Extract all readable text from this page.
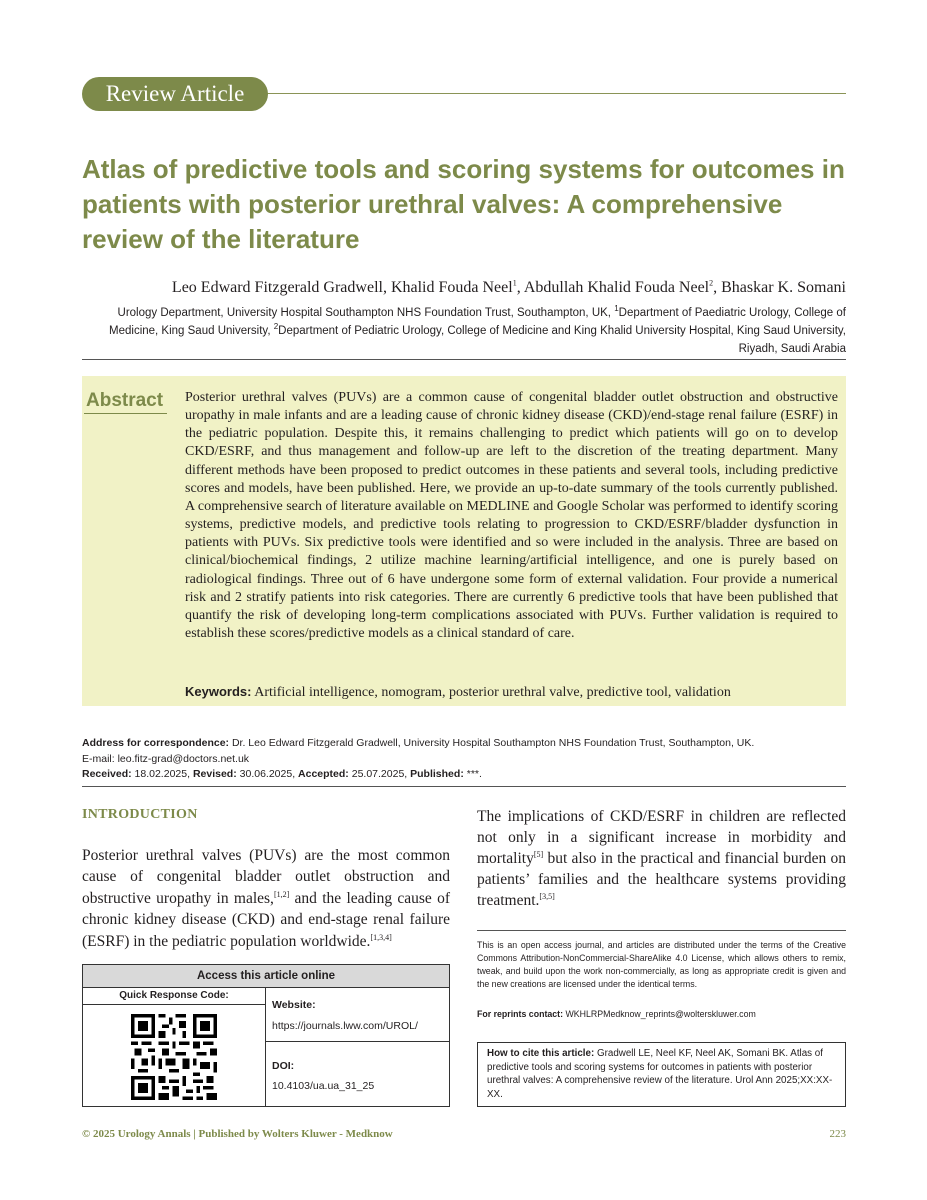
Review Article
Atlas of predictive tools and scoring systems for outcomes in patients with posterior urethral valves: A comprehensive review of the literature
Leo Edward Fitzgerald Gradwell, Khalid Fouda Neel$^1$, Abdullah Khalid Fouda Neel$^2$, Bhaskar K. Somani
Urology Department, University Hospital Southampton NHS Foundation Trust, Southampton, UK, $^1$Department of Paediatric Urology, College of Medicine, King Saud University, $^2$Department of Pediatric Urology, College of Medicine and King Khalid University Hospital, King Saud University, Riyadh, Saudi Arabia
Abstract Posterior urethral valves (PUVs) are a common cause of congenital bladder outlet obstruction and obstructive uropathy in male infants and are a leading cause of chronic kidney disease (CKD)/end-stage renal failure (ESRF) in the pediatric population. Despite this, it remains challenging to predict which patients will go on to develop CKD/ESRF, and thus management and follow-up are left to the discretion of the treating department. Many different methods have been proposed to predict outcomes in these patients and several tools, including predictive scores and models, have been published. Here, we provide an up-to-date summary of the tools currently published. A comprehensive search of literature available on MEDLINE and Google Scholar was performed to identify scoring systems, predictive models, and predictive tools relating to progression to CKD/ESRF/bladder dysfunction in patients with PUVs. Six predictive tools were identified and so were included in the analysis. Three are based on clinical/biochemical findings, 2 utilize machine learning/artificial intelligence, and one is purely based on radiological findings. Three out of 6 have undergone some form of external validation. Four provide a numerical risk and 2 stratify patients into risk categories. There are currently 6 predictive tools that have been published that quantify the risk of developing long-term complications associated with PUVs. Further validation is required to establish these scores/predictive models as a clinical standard of care.
Keywords: Artificial intelligence, nomogram, posterior urethral valve, predictive tool, validation
Address for correspondence: Dr. Leo Edward Fitzgerald Gradwell, University Hospital Southampton NHS Foundation Trust, Southampton, UK.
E-mail: leo.fitz-grad@doctors.net.uk
Received: 18.02.2025, Revised: 30.06.2025, Accepted: 25.07.2025, Published: ***.
INTRODUCTION
Posterior urethral valves (PUVs) are the most common cause of congenital bladder outlet obstruction and obstructive uropathy in males,[1,2] and the leading cause of chronic kidney disease (CKD) and end-stage renal failure (ESRF) in the pediatric population worldwide.[1,3,4]
The implications of CKD/ESRF in children are reflected not only in a significant increase in morbidity and mortality[5] but also in the practical and financial burden on patients’ families and the healthcare systems providing treatment.[3,5]
Access this article online
Quick Response Code:
Website:
https://journals.lww.com/UROL/
DOI:
10.4103/ua.ua_31_25
This is an open access journal, and articles are distributed under the terms of the Creative Commons Attribution-NonCommercial-ShareAlike 4.0 License, which allows others to remix, tweak, and build upon the work non-commercially, as long as appropriate credit is given and the new creations are licensed under the identical terms.
For reprints contact: WKHLRPMedknow_reprints@wolterskluwer.com
How to cite this article: Gradwell LE, Neel KF, Neel AK, Somani BK. Atlas of predictive tools and scoring systems for outcomes in patients with posterior urethral valves: A comprehensive review of the literature. Urol Ann 2025;XX:XX-XX.
© 2025 Urology Annals | Published by Wolters Kluwer - Medknow	223
